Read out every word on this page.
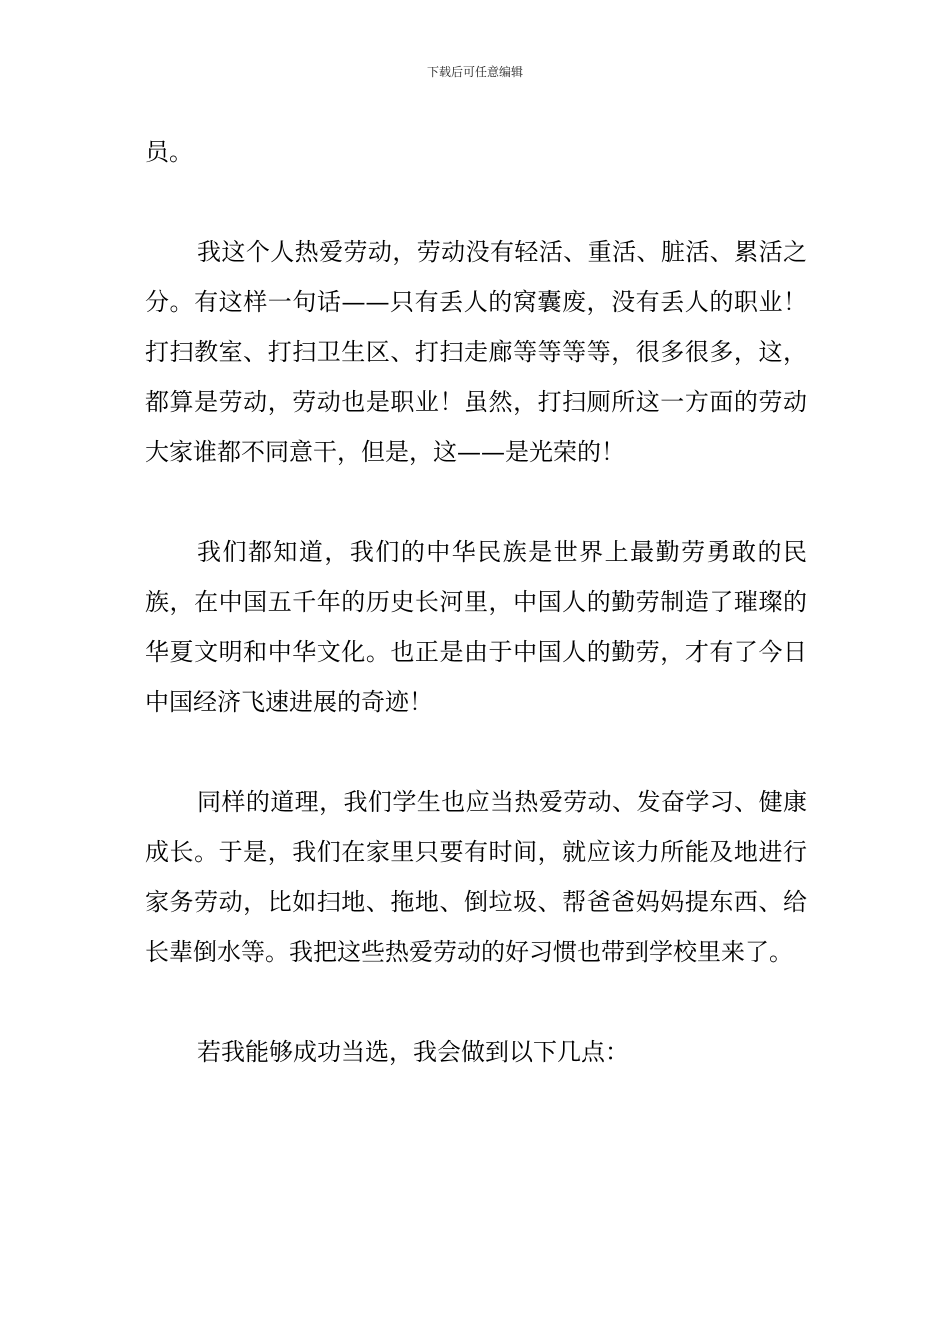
下载后可任意编辑

员。

我这个人热爱劳动，劳动没有轻活、重活、脏活、累活之分。有这样一句话——只有丢人的窝囊废，没有丢人的职业！打扫教室、打扫卫生区、打扫走廊等等等等，很多很多，这，都算是劳动，劳动也是职业！虽然，打扫厕所这一方面的劳动大家谁都不同意干，但是，这——是光荣的！

我们都知道，我们的中华民族是世界上最勤劳勇敢的民族，在中国五千年的历史长河里，中国人的勤劳制造了璀璨的华夏文明和中华文化。也正是由于中国人的勤劳，才有了今日中国经济飞速进展的奇迹！

同样的道理，我们学生也应当热爱劳动、发奋学习、健康成长。于是，我们在家里只要有时间，就应该力所能及地进行家务劳动，比如扫地、拖地、倒垃圾、帮爸爸妈妈提东西、给长辈倒水等。我把这些热爱劳动的好习惯也带到学校里来了。

若我能够成功当选，我会做到以下几点：
